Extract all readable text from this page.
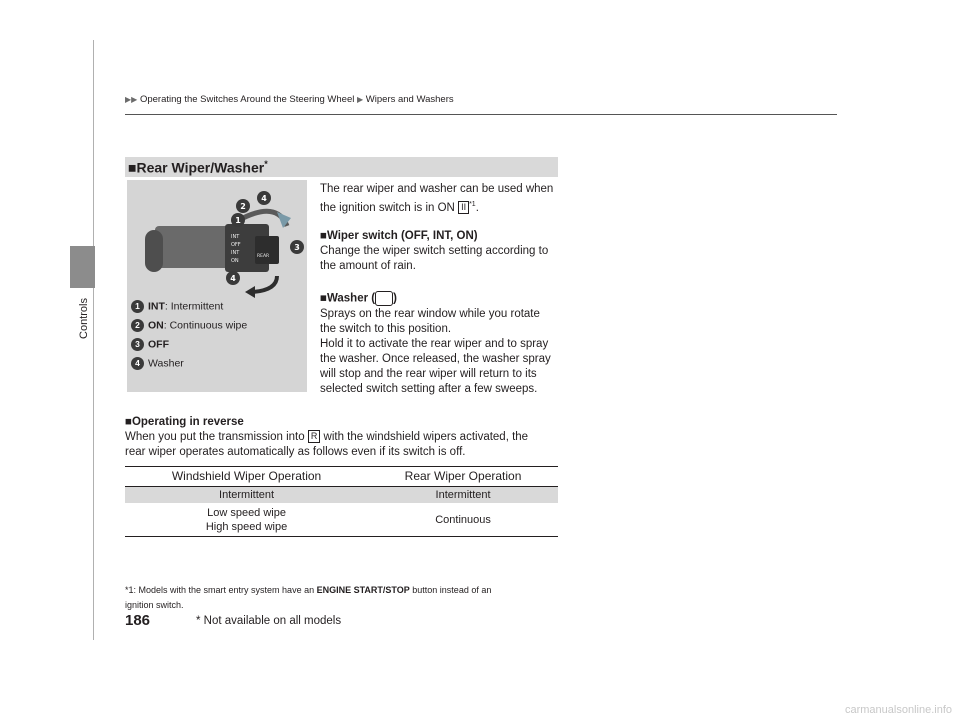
Controls
▶▶ Operating the Switches Around the Steering Wheel ▶ Wipers and Washers
■Rear Wiper/Washer*
INT
OFF
INT
ON
REAR
1
2
4
3
4
1 INT: Intermittent
2 ON: Continuous wipe
3 OFF
4 Washer
The rear wiper and washer can be used when
the ignition switch is in ON II $^{*1}$.
■Wiper switch (OFF, INT, ON)
Change the wiper switch setting according to
the amount of rain.
■Washer ( )
Sprays on the rear window while you rotate
the switch to this position.
Hold it to activate the rear wiper and to spray
the washer. Once released, the washer spray
will stop and the rear wiper will return to its
selected switch setting after a few sweeps.
■Operating in reverse
When you put the transmission into R with the windshield wipers activated, the
rear wiper operates automatically as follows even if its switch is off.
Windshield Wiper Operation	Rear Wiper Operation
Intermittent	Intermittent

Low speed wipe
High speed wipe	Continuous
*1: Models with the smart entry system have an ENGINE START/STOP button instead of an
ignition switch.
186	* Not available on all models
carmanualsonline.info
